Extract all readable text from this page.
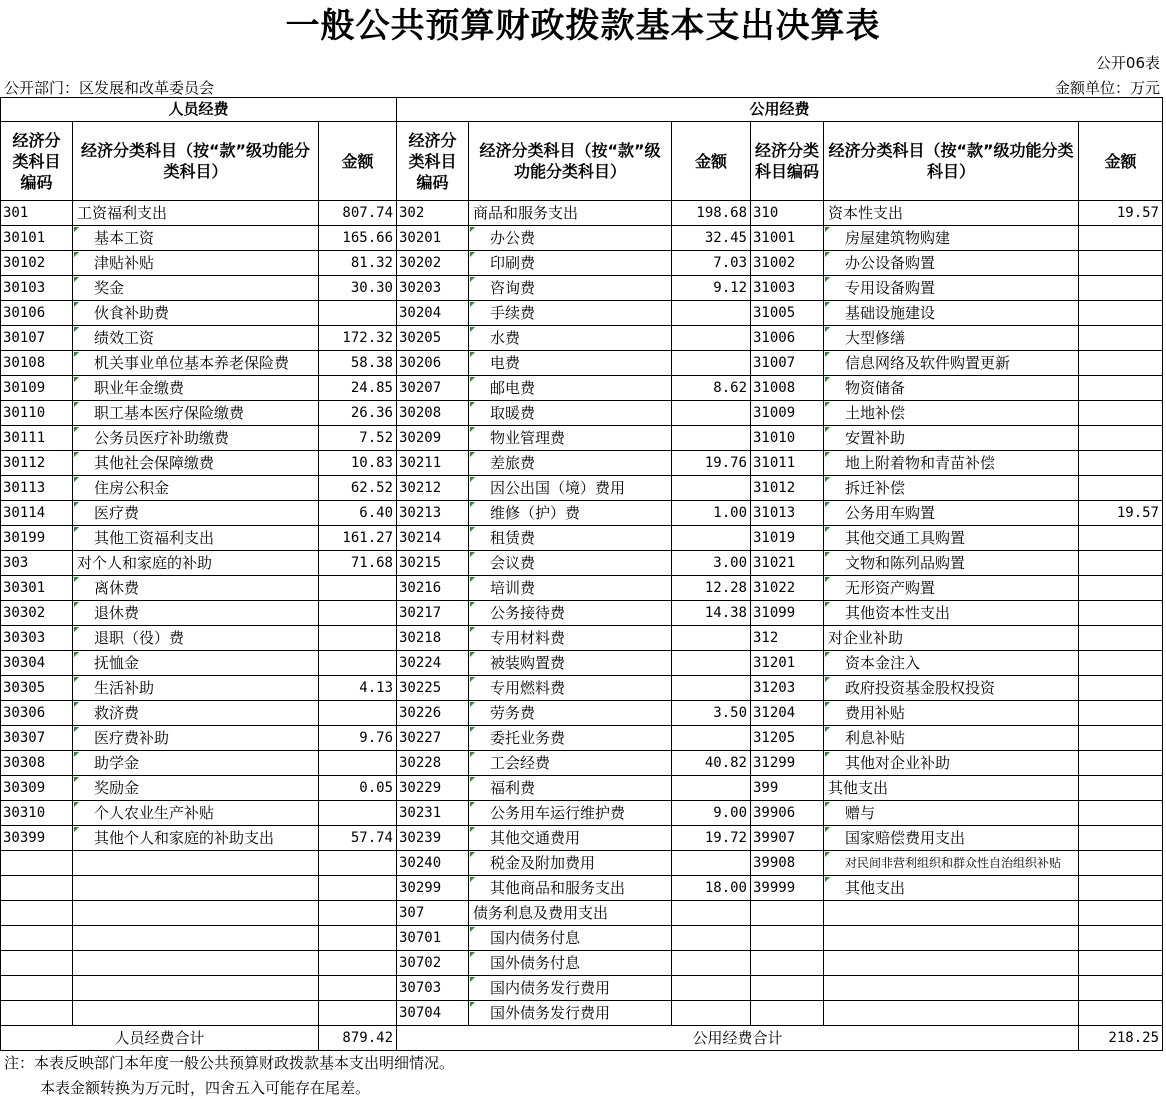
一般公共预算财政拨款基本支出决算表
公开06表
公开部门：区发展和改革委员会	金额单位：万元
人员经费			公用经费					
经济分类科目编码	经济分类科目（按“款”级功能分类科目）	金额	经济分类科目编码	经济分类科目（按“款”级功能分类科目）	金额	经济分类科目编码	经济分类科目（按“款”级功能分类科目）	金额
301	工资福利支出	807.74	302	商品和服务支出	198.68	310	资本性支出	19.57
30101	基本工资	165.66	30201	办公费	32.45	31001	房屋建筑物购建	
30102	津贴补贴	81.32	30202	印刷费	7.03	31002	办公设备购置	
30103	奖金	30.30	30203	咨询费	9.12	31003	专用设备购置	
30106	伙食补助费		30204	手续费		31005	基础设施建设	
30107	绩效工资	172.32	30205	水费		31006	大型修缮	
30108	机关事业单位基本养老保险费	58.38	30206	电费		31007	信息网络及软件购置更新	
30109	职业年金缴费	24.85	30207	邮电费	8.62	31008	物资储备	
30110	职工基本医疗保险缴费	26.36	30208	取暖费		31009	土地补偿	
30111	公务员医疗补助缴费	7.52	30209	物业管理费		31010	安置补助	
30112	其他社会保障缴费	10.83	30211	差旅费	19.76	31011	地上附着物和青苗补偿	
30113	住房公积金	62.52	30212	因公出国（境）费用		31012	拆迁补偿	
30114	医疗费	6.40	30213	维修（护）费	1.00	31013	公务用车购置	19.57
30199	其他工资福利支出	161.27	30214	租赁费		31019	其他交通工具购置	
303	对个人和家庭的补助	71.68	30215	会议费	3.00	31021	文物和陈列品购置	
30301	离休费		30216	培训费	12.28	31022	无形资产购置	
30302	退休费		30217	公务接待费	14.38	31099	其他资本性支出	
30303	退职（役）费		30218	专用材料费		312	对企业补助	
30304	抚恤金		30224	被装购置费		31201	资本金注入	
30305	生活补助	4.13	30225	专用燃料费		31203	政府投资基金股权投资	
30306	救济费		30226	劳务费	3.50	31204	费用补贴	
30307	医疗费补助	9.76	30227	委托业务费		31205	利息补贴	
30308	助学金		30228	工会经费	40.82	31299	其他对企业补助	
30309	奖励金	0.05	30229	福利费		399	其他支出	
30310	个人农业生产补贴		30231	公务用车运行维护费	9.00	39906	赠与	
30399	其他个人和家庭的补助支出	57.74	30239	其他交通费用	19.72	39907	国家赔偿费用支出	
			30240	税金及附加费用		39908	对民间非营利组织和群众性自治组织补贴	
			30299	其他商品和服务支出	18.00	39999	其他支出	
			307	债务利息及费用支出				
			30701	国内债务付息				
			30702	国外债务付息				
			30703	国内债务发行费用				
			30704	国外债务发行费用				
人员经费合计		879.42	公用经费合计					218.25
注：本表反映部门本年度一般公共预算财政拨款基本支出明细情况。
本表金额转换为万元时，四舍五入可能存在尾差。
